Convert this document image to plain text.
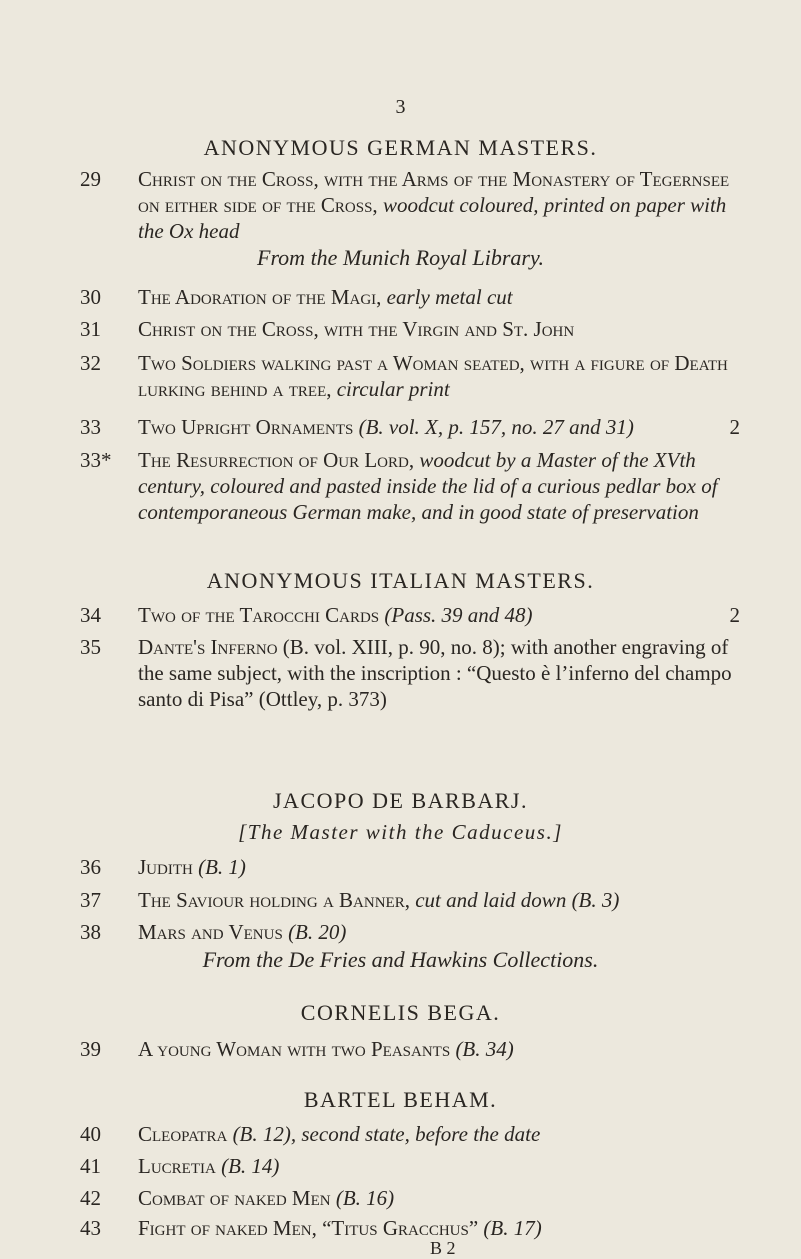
3
ANONYMOUS GERMAN MASTERS.
29	Christ on the Cross, with the Arms of the Monastery of Tegernsee on either side of the Cross, woodcut coloured, printed on paper with the Ox head
From the Munich Royal Library.
30	The Adoration of the Magi, early metal cut
31	Christ on the Cross, with the Virgin and St. John
32	Two Soldiers walking past a Woman seated, with a figure of Death lurking behind a tree, circular print
33	Two Upright Ornaments (B. vol. X, p. 157, no. 27 and 31)	2
33*	The Resurrection of Our Lord, woodcut by a Master of the XVth century, coloured and pasted inside the lid of a curious pedlar box of contemporaneous German make, and in good state of preservation
ANONYMOUS ITALIAN MASTERS.
34	Two of the Tarocchi Cards (Pass. 39 and 48)	2
35	Dante's Inferno (B. vol. XIII, p. 90, no. 8); with another engraving of the same subject, with the inscription : “Questo è l’inferno del champo santo di Pisa” (Ottley, p. 373)
JACOPO DE BARBARJ.
[The Master with the Caduceus.]
36	Judith (B. 1)
37	The Saviour holding a Banner, cut and laid down (B. 3)
38	Mars and Venus (B. 20)
From the De Fries and Hawkins Collections.
CORNELIS BEGA.
39	A young Woman with two Peasants (B. 34)
BARTEL BEHAM.
40	Cleopatra (B. 12), second state, before the date
41	Lucretia (B. 14)
42	Combat of naked Men (B. 16)
43	Fight of naked Men, “Titus Gracchus” (B. 17)
B 2
